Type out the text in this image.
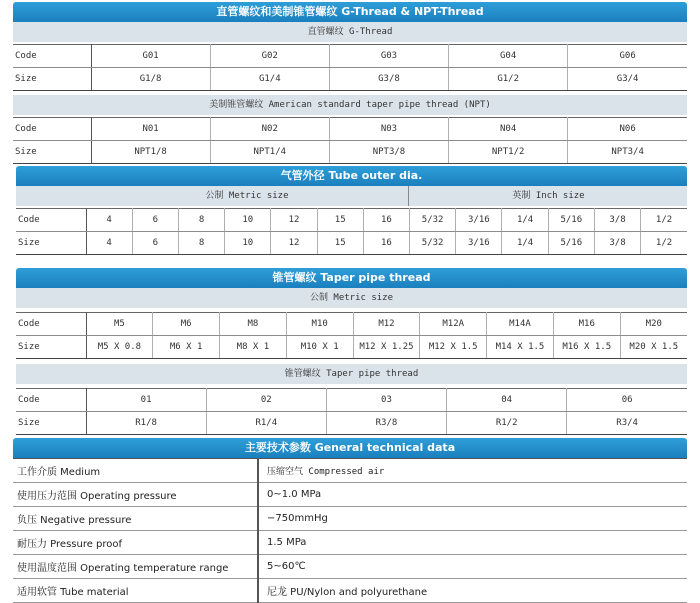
直管螺纹和美制锥管螺纹 G-Thread & NPT-Thread
直管螺纹 G-Thread
Code	G01	G02	G03	G04	G06
Size	G1/8	G1/4	G3/8	G1/2	G3/4
美制锥管螺纹 American standard taper pipe thread (NPT)
Code	N01	N02	N03	N04	N06
Size	NPT1/8	NPT1/4	NPT3/8	NPT1/2	NPT3/4
气管外径 Tube outer dia.
公制 Metric size	英制 Inch size
Code	4	6	8	10	12	15	16	5/32	3/16	1/4	5/16	3/8	1/2
Size	4	6	8	10	12	15	16	5/32	3/16	1/4	5/16	3/8	1/2
锥管螺纹 Taper pipe thread
公制 Metric size
Code	M5	M6	M8	M10	M12	M12A	M14A	M16	M20
Size	M5 X 0.8	M6 X 1	M8 X 1	M10 X 1	M12 X 1.25	M12 X 1.5	M14 X 1.5	M16 X 1.5	M20 X 1.5
锥管螺纹 Taper pipe thread
Code	01	02	03	04	06
Size	R1/8	R1/4	R3/8	R1/2	R3/4
主要技术参数 General technical data
工作介质 Medium	压缩空气 Compressed air
使用压力范围 Operating pressure	0~1.0 MPa
负压 Negative pressure	−750mmHg
耐压力 Pressure proof	1.5 MPa
使用温度范围 Operating temperature range	5~60℃
适用软管 Tube material	尼龙 PU/Nylon and polyurethane
